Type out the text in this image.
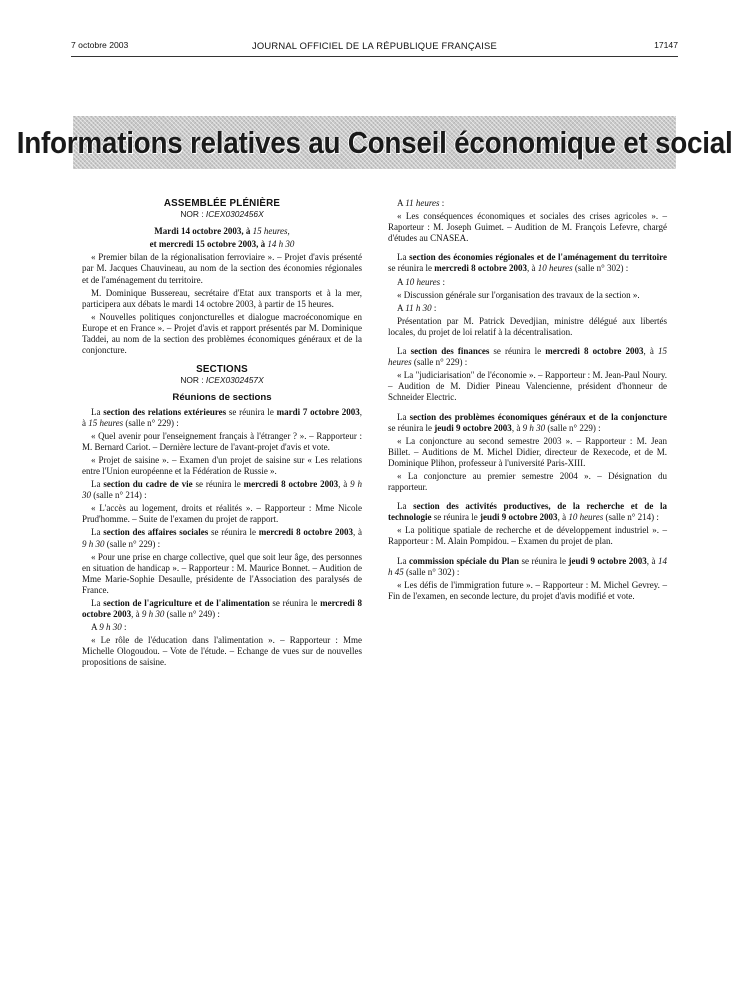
7 octobre 2003	JOURNAL OFFICIEL DE LA RÉPUBLIQUE FRANÇAISE	17147
Informations relatives au Conseil économique et social

ASSEMBLÉE PLÉNIÈRE

NOR : ICEX0302456X

Mardi 14 octobre 2003, à 15 heures,

et mercredi 15 octobre 2003, à 14 h 30

« Premier bilan de la régionalisation ferroviaire ». – Projet d'avis présenté par M. Jacques Chauvineau, au nom de la section des économies régionales et de l'aménagement du territoire.

M. Dominique Bussereau, secrétaire d'Etat aux transports et à la mer, participera aux débats le mardi 14 octobre 2003, à partir de 15 heures.

« Nouvelles politiques conjoncturelles et dialogue macroéconomique en Europe et en France ». – Projet d'avis et rapport présentés par M. Dominique Taddei, au nom de la section des problèmes économiques généraux et de la conjoncture.

SECTIONS

NOR : ICEX0302457X

Réunions de sections

La section des relations extérieures se réunira le mardi 7 octobre 2003, à 15 heures (salle n° 229) :

« Quel avenir pour l'enseignement français à l'étranger ? ». – Rapporteur : M. Bernard Cariot. – Dernière lecture de l'avant-projet d'avis et vote.

« Projet de saisine ». – Examen d'un projet de saisine sur « Les relations entre l'Union européenne et la Fédération de Russie ».

La section du cadre de vie se réunira le mercredi 8 octobre 2003, à 9 h 30 (salle n° 214) :

« L'accès au logement, droits et réalités ». – Rapporteur : Mme Nicole Prud'homme. – Suite de l'examen du projet de rapport.

La section des affaires sociales se réunira le mercredi 8 octobre 2003, à 9 h 30 (salle n° 229) :

« Pour une prise en charge collective, quel que soit leur âge, des personnes en situation de handicap ». – Rapporteur : M. Maurice Bonnet. – Audition de Mme Marie-Sophie Desaulle, présidente de l'Association des paralysés de France.

La section de l'agriculture et de l'alimentation se réunira le mercredi 8 octobre 2003, à 9 h 30 (salle n° 249) :

A 9 h 30 :

« Le rôle de l'éducation dans l'alimentation ». – Rapporteur : Mme Michelle Ologoudou. – Vote de l'étude. – Echange de vues sur de nouvelles propositions de saisine.

A 11 heures :

« Les conséquences économiques et sociales des crises agricoles ». – Raporteur : M. Joseph Guimet. – Audition de M. François Lefevre, chargé d'études au CNASEA.

La section des économies régionales et de l'aménagement du territoire se réunira le mercredi 8 octobre 2003, à 10 heures (salle n° 302) :

A 10 heures :

« Discussion générale sur l'organisation des travaux de la section ».

A 11 h 30 :

Présentation par M. Patrick Devedjian, ministre délégué aux libertés locales, du projet de loi relatif à la décentralisation.

La section des finances se réunira le mercredi 8 octobre 2003, à 15 heures (salle n° 229) :

« La "judiciarisation" de l'économie ». – Rapporteur : M. Jean-Paul Noury. – Audition de M. Didier Pineau Valencienne, président d'honneur de Schneider Electric.

La section des problèmes économiques généraux et de la conjoncture se réunira le jeudi 9 octobre 2003, à 9 h 30 (salle n° 229) :

« La conjoncture au second semestre 2003 ». – Rapporteur : M. Jean Billet. – Auditions de M. Michel Didier, directeur de Rexecode, et de M. Dominique Plihon, professeur à l'université Paris-XIII.

« La conjoncture au premier semestre 2004 ». – Désignation du rapporteur.

La section des activités productives, de la recherche et de la technologie se réunira le jeudi 9 octobre 2003, à 10 heures (salle n° 214) :

« La politique spatiale de recherche et de développement industriel ». – Rapporteur : M. Alain Pompidou. – Examen du projet de plan.

La commission spéciale du Plan se réunira le jeudi 9 octobre 2003, à 14 h 45 (salle n° 302) :

« Les défis de l'immigration future ». – Rapporteur : M. Michel Gevrey. – Fin de l'examen, en seconde lecture, du projet d'avis modifié et vote.
